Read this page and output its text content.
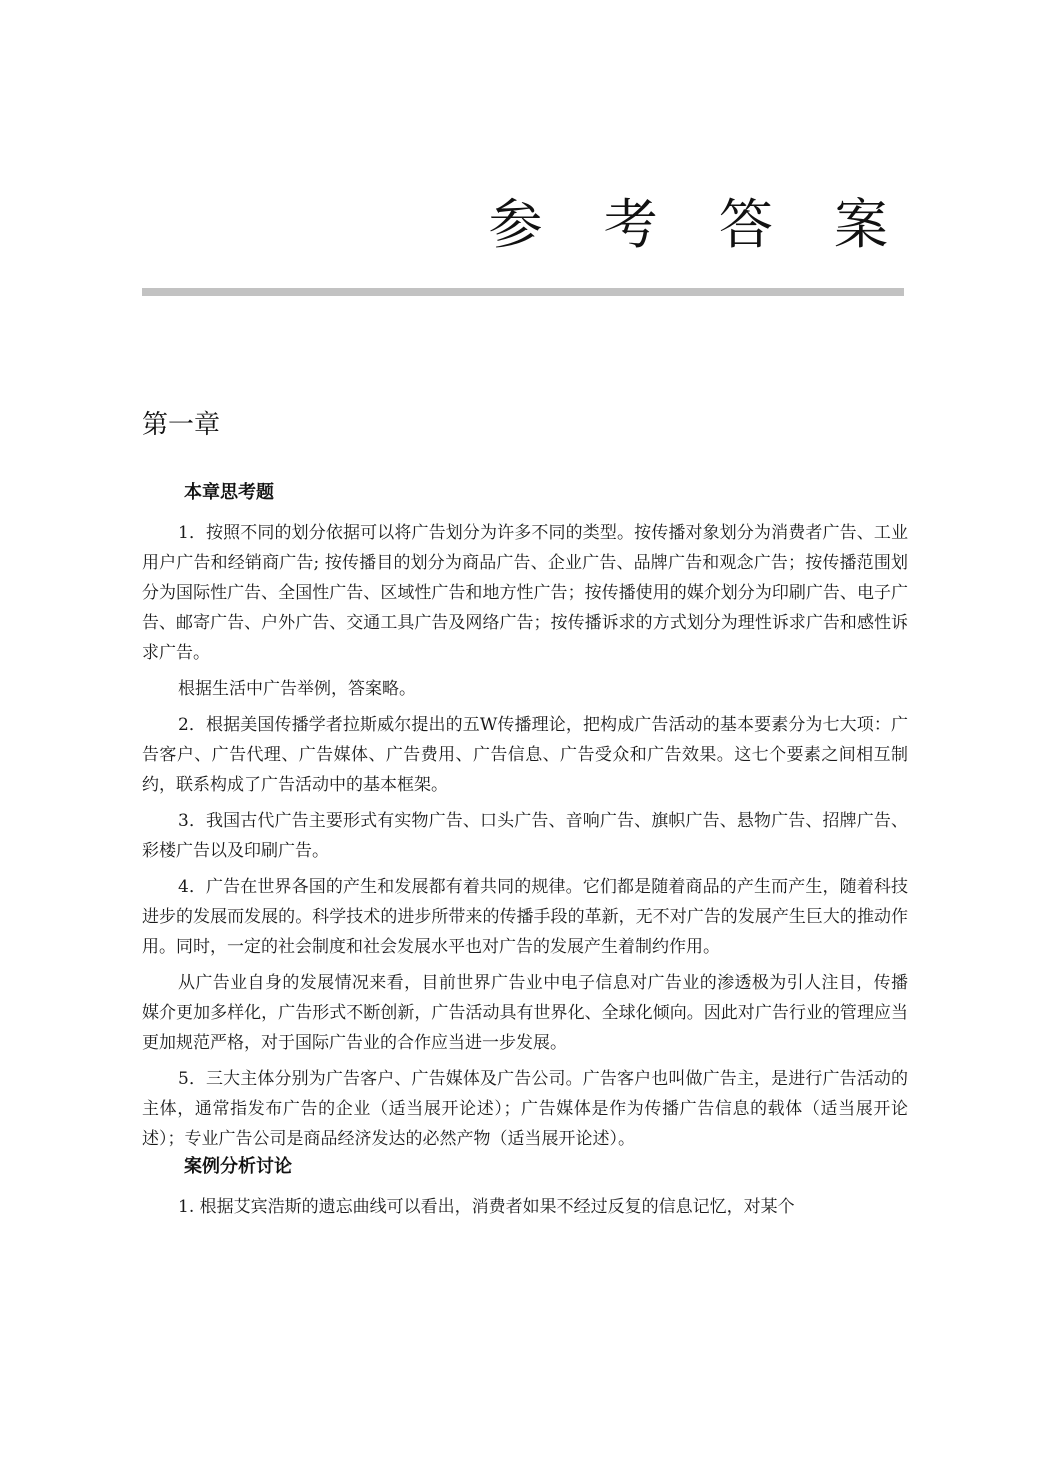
参 考 答 案
第一章
本章思考题

1．按照不同的划分依据可以将广告划分为许多不同的类型。按传播对象划分为消费者广告、工业用户广告和经销商广告; 按传播目的划分为商品广告、企业广告、品牌广告和观念广告；按传播范围划分为国际性广告、全国性广告、区域性广告和地方性广告；按传播使用的媒介划分为印刷广告、电子广告、邮寄广告、户外广告、交通工具广告及网络广告；按传播诉求的方式划分为理性诉求广告和感性诉求广告。

根据生活中广告举例，答案略。

2．根据美国传播学者拉斯威尔提出的五W传播理论，把构成广告活动的基本要素分为七大项：广告客户、广告代理、广告媒体、广告费用、广告信息、广告受众和广告效果。这七个要素之间相互制约，联系构成了广告活动中的基本框架。

3．我国古代广告主要形式有实物广告、口头广告、音响广告、旗帜广告、悬物广告、招牌广告、彩楼广告以及印刷广告。

4．广告在世界各国的产生和发展都有着共同的规律。它们都是随着商品的产生而产生，随着科技进步的发展而发展的。科学技术的进步所带来的传播手段的革新，无不对广告的发展产生巨大的推动作用。同时，一定的社会制度和社会发展水平也对广告的发展产生着制约作用。

从广告业自身的发展情况来看，目前世界广告业中电子信息对广告业的渗透极为引人注目，传播媒介更加多样化，广告形式不断创新，广告活动具有世界化、全球化倾向。因此对广告行业的管理应当更加规范严格，对于国际广告业的合作应当进一步发展。

5．三大主体分别为广告客户、广告媒体及广告公司。广告客户也叫做广告主，是进行广告活动的主体，通常指发布广告的企业（适当展开论述）；广告媒体是作为传播广告信息的载体（适当展开论述）；专业广告公司是商品经济发达的必然产物（适当展开论述）。

案例分析讨论

1. 根据艾宾浩斯的遗忘曲线可以看出，消费者如果不经过反复的信息记忆，对某个
